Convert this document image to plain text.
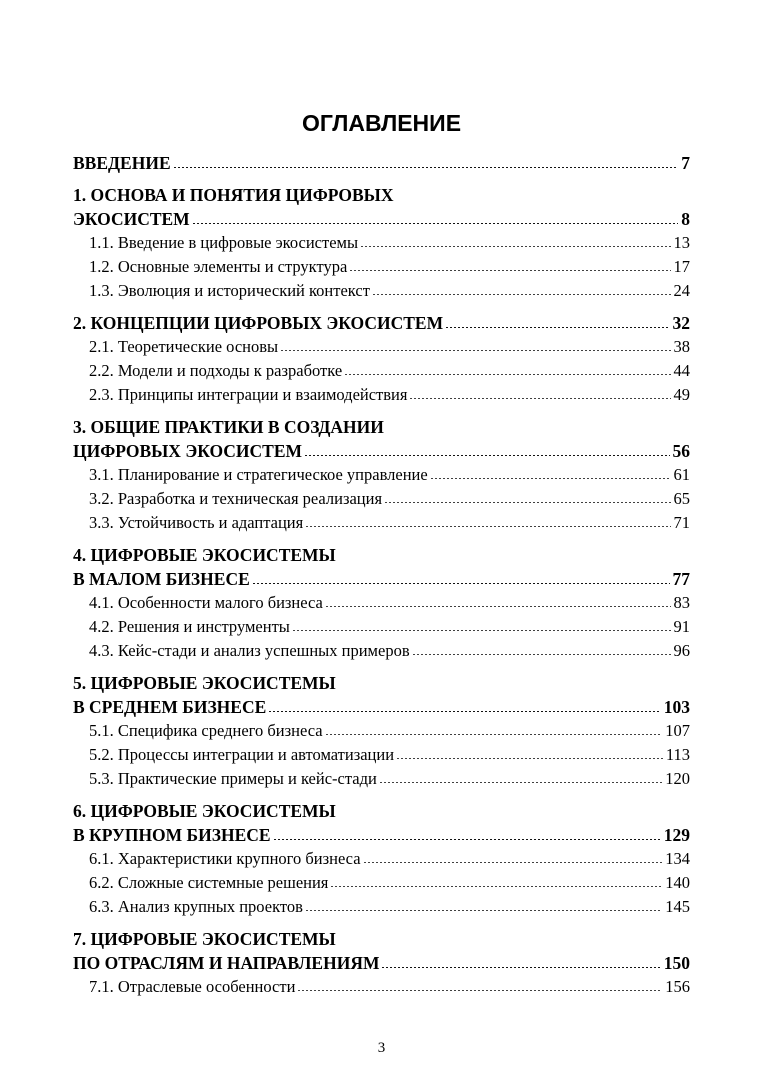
ОГЛАВЛЕНИЕ
ВВЕДЕНИЕ	7
1. ОСНОВА И ПОНЯТИЯ ЦИФРОВЫХ
ЭКОСИСТЕМ	8
1.1. Введение в цифровые экосистемы	13
1.2. Основные элементы и структура	17
1.3. Эволюция и исторический контекст	24
2. КОНЦЕПЦИИ ЦИФРОВЫХ ЭКОСИСТЕМ	32
2.1. Теоретические основы	38
2.2. Модели и подходы к разработке	44
2.3. Принципы интеграции и взаимодействия	49
3. ОБЩИЕ ПРАКТИКИ В СОЗДАНИИ
ЦИФРОВЫХ ЭКОСИСТЕМ	56
3.1. Планирование и стратегическое управление	61
3.2. Разработка и техническая реализация	65
3.3. Устойчивость и адаптация	71
4. ЦИФРОВЫЕ ЭКОСИСТЕМЫ
В МАЛОМ БИЗНЕСЕ	77
4.1. Особенности малого бизнеса	83
4.2. Решения и инструменты	91
4.3. Кейс-стади и анализ успешных примеров	96
5. ЦИФРОВЫЕ ЭКОСИСТЕМЫ
В СРЕДНЕМ БИЗНЕСЕ	103
5.1. Специфика среднего бизнеса	107
5.2. Процессы интеграции и автоматизации	113
5.3. Практические примеры и кейс-стади	120
6. ЦИФРОВЫЕ ЭКОСИСТЕМЫ
В КРУПНОМ БИЗНЕСЕ	129
6.1. Характеристики крупного бизнеса	134
6.2. Сложные системные решения	140
6.3. Анализ крупных проектов	145
7. ЦИФРОВЫЕ ЭКОСИСТЕМЫ
ПО ОТРАСЛЯМ И НАПРАВЛЕНИЯМ	150
7.1. Отраслевые особенности	156
3
